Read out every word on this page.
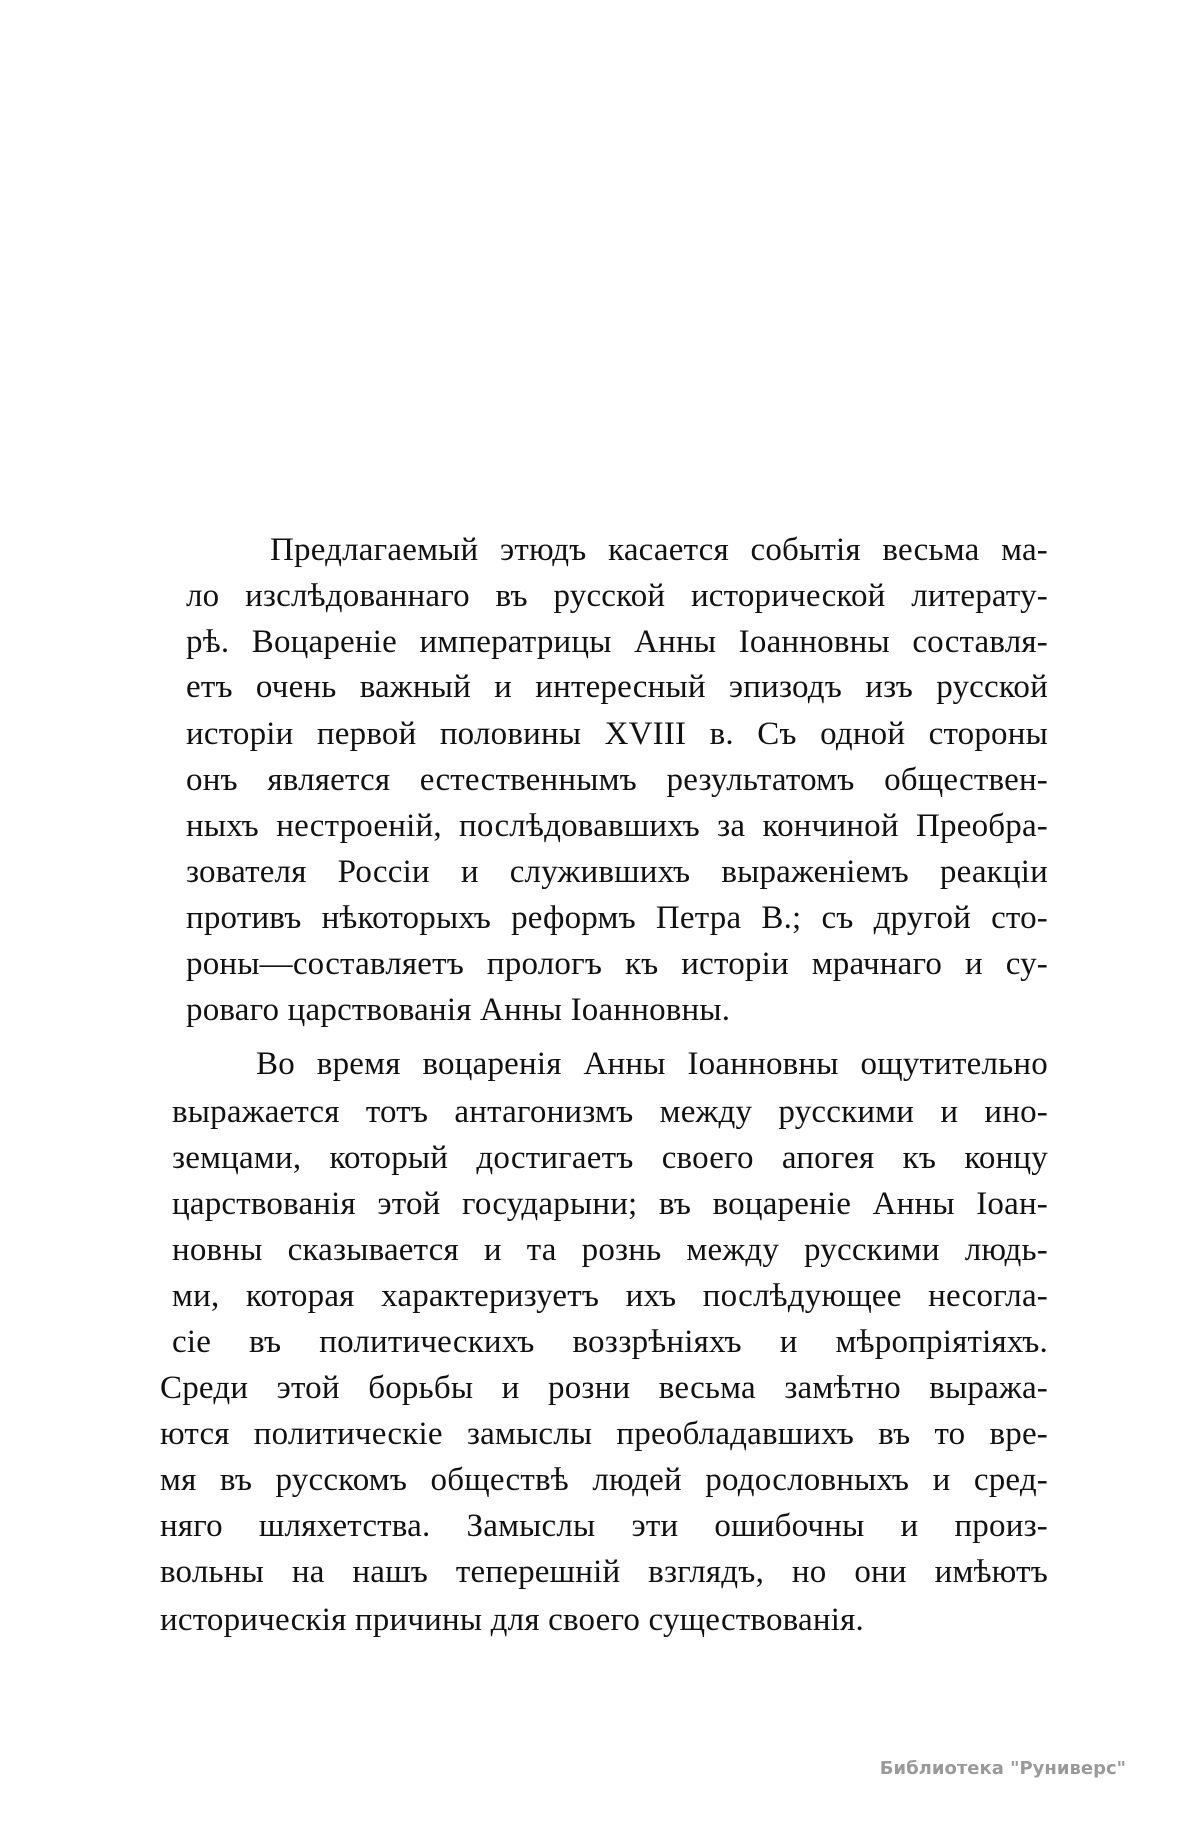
Предлагаемый этюдъ касается событія весьма ма-
ло изслѣдованнаго въ русской исторической литерату-
рѣ. Воцареніе императрицы Анны Іоанновны составля-
етъ очень важный и интересный эпизодъ изъ русской
исторіи первой половины XVIII в. Съ одной стороны
онъ является естественнымъ результатомъ обществен-
ныхъ нестроеній, послѣдовавшихъ за кончиной Преобра-
зователя Россіи и служившихъ выраженіемъ реакціи
противъ нѣкоторыхъ реформъ Петра В.; съ другой сто-
роны—составляетъ прологъ къ исторіи мрачнаго и су-
роваго царствованія Анны Іоанновны.
Во время воцаренія Анны Іоанновны ощутительно
выражается тотъ антагонизмъ между русскими и ино-
земцами, который достигаетъ своего апогея къ концу
царствованія этой государыни; въ воцареніе Анны Іоан-
новны сказывается и та рознь между русскими людь-
ми, которая характеризуетъ ихъ послѣдующее несогла-
сіе въ политическихъ воззрѣніяхъ и мѣропріятіяхъ.
Среди этой борьбы и розни весьма замѣтно выража-
ются политическіе замыслы преобладавшихъ въ то вре-
мя въ русскомъ обществѣ людей родословныхъ и сред-
няго шляхетства. Замыслы эти ошибочны и произ-
вольны на нашъ теперешній взглядъ, но они имѣютъ
историческія причины для своего существованія.
Библиотека "Руниверс"
